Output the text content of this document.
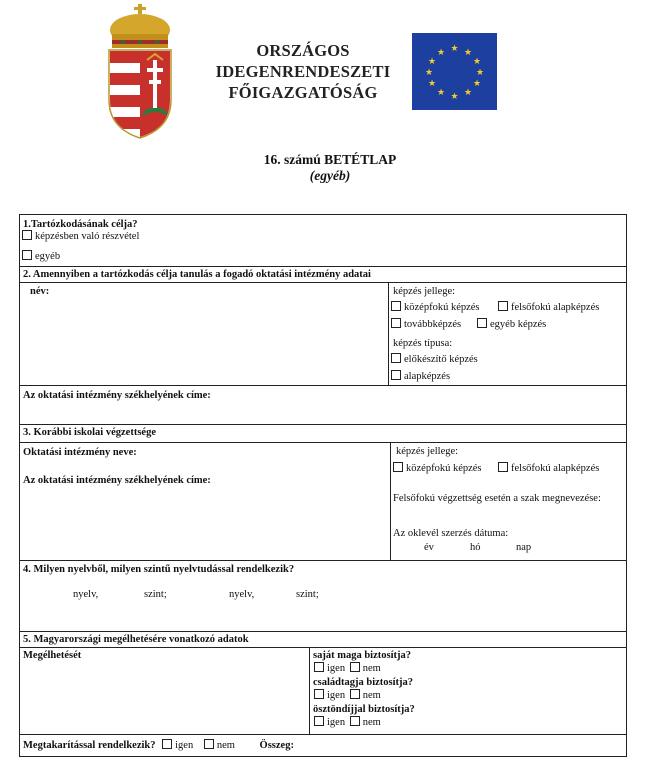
ORSZÁGOS
IDEGENRENDESZETI
FŐIGAZGATÓSÁG
★ ★
★
★
★
★
★
★
★
★
★
★
16. számú BETÉTLAP
(egyéb)
1.Tartózkodásának célja?
képzésben való részvétel
egyéb
2. Amennyiben a tartózkodás célja tanulás a fogadó oktatási intézmény adatai
név:	képzés jellege:
középfokú képzés	felsőfokú alapképzés
továbbképzés	egyéb képzés
képzés típusa:
előkészítő képzés
alapképzés
Az oktatási intézmény székhelyének címe:
3. Korábbi iskolai végzettsége
Oktatási intézmény neve:
Az oktatási intézmény székhelyének címe:
képzés jellege:
középfokú képzés	felsőfokú alapképzés
Felsőfokú végzettség esetén a szak megnevezése:
Az oklevél szerzés dátuma:
év	hó	nap
4. Milyen nyelvből, milyen szintű nyelvtudással rendelkezik?
nyelv,	szint;	nyelv,	szint;
5. Magyarországi megélhetésére vonatkozó adatok
Megélhetését	saját maga biztosítja?
igen nem
családtagja biztosítja?
igen nem
ösztöndíjjal biztosítja?
igen nem
Megtakarítással rendelkezik? igen nem Összeg:
